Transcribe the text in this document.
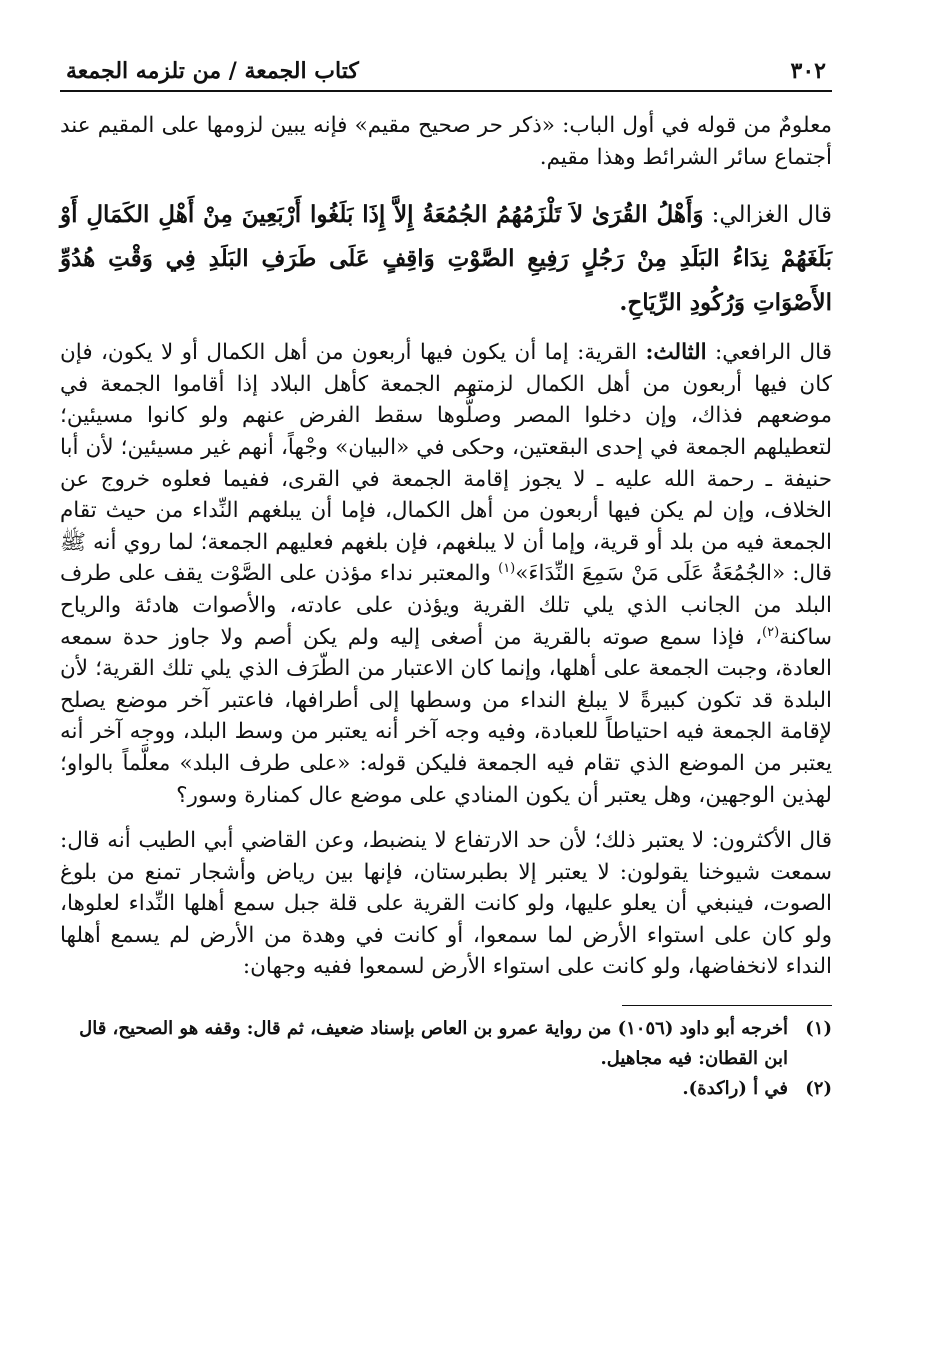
٣٠٢
كتاب الجمعة / من تلزمه الجمعة

معلومٌ من قوله في أول الباب: «ذكر حر صحيح مقيم» فإنه يبين لزومها على المقيم عند أجتماع سائر الشرائط وهذا مقيم.

قال الغزالي: وَأَهْلُ القُرَىٰ لاَ تَلْزَمُهُمُ الجُمُعَةُ إِلاَّ إِذَا بَلَغُوا أَرْبَعِينَ مِنْ أَهْلِ الكَمَالِ أَوْ بَلَغَهُمْ نِدَاءُ البَلَدِ مِنْ رَجُلٍ رَفِيعِ الصَّوْتِ وَاقِفٍ عَلَى طَرَفِ البَلَدِ فِي وَقْتِ هُدُوِّ الأَصْوَاتِ وَرُكُودِ الرِّيَاحِ.

قال الرافعي: الثالث: القرية: إما أن يكون فيها أربعون من أهل الكمال أو لا يكون، فإن كان فيها أربعون من أهل الكمال لزمتهم الجمعة كأهل البلاد إذا أقاموا الجمعة في موضعهم فذاك، وإن دخلوا المصر وصلُّوها سقط الفرض عنهم ولو كانوا مسيئين؛ لتعطيلهم الجمعة في إحدى البقعتين، وحكى في «البيان» وجْهاً، أنهم غير مسيئين؛ لأن أبا حنيفة ـ رحمة الله عليه ـ لا يجوز إقامة الجمعة في القرى، ففيما فعلوه خروج عن الخلاف، وإن لم يكن فيها أربعون من أهل الكمال، فإما أن يبلغهم النِّداء من حيث تقام الجمعة فيه من بلد أو قرية، وإما أن لا يبلغهم، فإن بلغهم فعليهم الجمعة؛ لما روي أنه ﷺ قال: «الجُمُعَةُ عَلَى مَنْ سَمِعَ النِّدَاءَ»$^{(١)}$ والمعتبر نداء مؤذن على الصَّوْت يقف على طرف البلد من الجانب الذي يلي تلك القرية ويؤذن على عادته، والأصوات هادئة والرياح ساكنة$^{(٢)}$، فإذا سمع صوته بالقرية من أصغى إليه ولم يكن أصم ولا جاوز حدة سمعه العادة، وجبت الجمعة على أهلها، وإنما كان الاعتبار من الطّرَف الذي يلي تلك القرية؛ لأن البلدة قد تكون كبيرةً لا يبلغ النداء من وسطها إلى أطرافها، فاعتبر آخر موضع يصلح لإقامة الجمعة فيه احتياطاً للعبادة، وفيه وجه آخر أنه يعتبر من وسط البلد، ووجه آخر أنه يعتبر من الموضع الذي تقام فيه الجمعة فليكن قوله: «على طرف البلد» معلَّماً بالواو؛ لهذين الوجهين، وهل يعتبر أن يكون المنادي على موضع عال كمنارة وسور؟

قال الأكثرون: لا يعتبر ذلك؛ لأن حد الارتفاع لا ينضبط، وعن القاضي أبي الطيب أنه قال: سمعت شيوخنا يقولون: لا يعتبر إلا بطبرستان، فإنها بين رياض وأشجار تمنع من بلوغ الصوت، فينبغي أن يعلو عليها، ولو كانت القرية على قلة جبل سمع أهلها النِّداء لعلوها، ولو كان على استواء الأرض لما سمعوا، أو كانت في وهدة من الأرض لم يسمع أهلها النداء لانخفاضها، ولو كانت على استواء الأرض لسمعوا ففيه وجهان:

(١)
أخرجه أبو داود (١٠٥٦) من رواية عمرو بن العاص بإسناد ضعيف، ثم قال: وقفه هو الصحيح، قال ابن القطان: فيه مجاهيل.
(٢)
في أ (راكدة).
